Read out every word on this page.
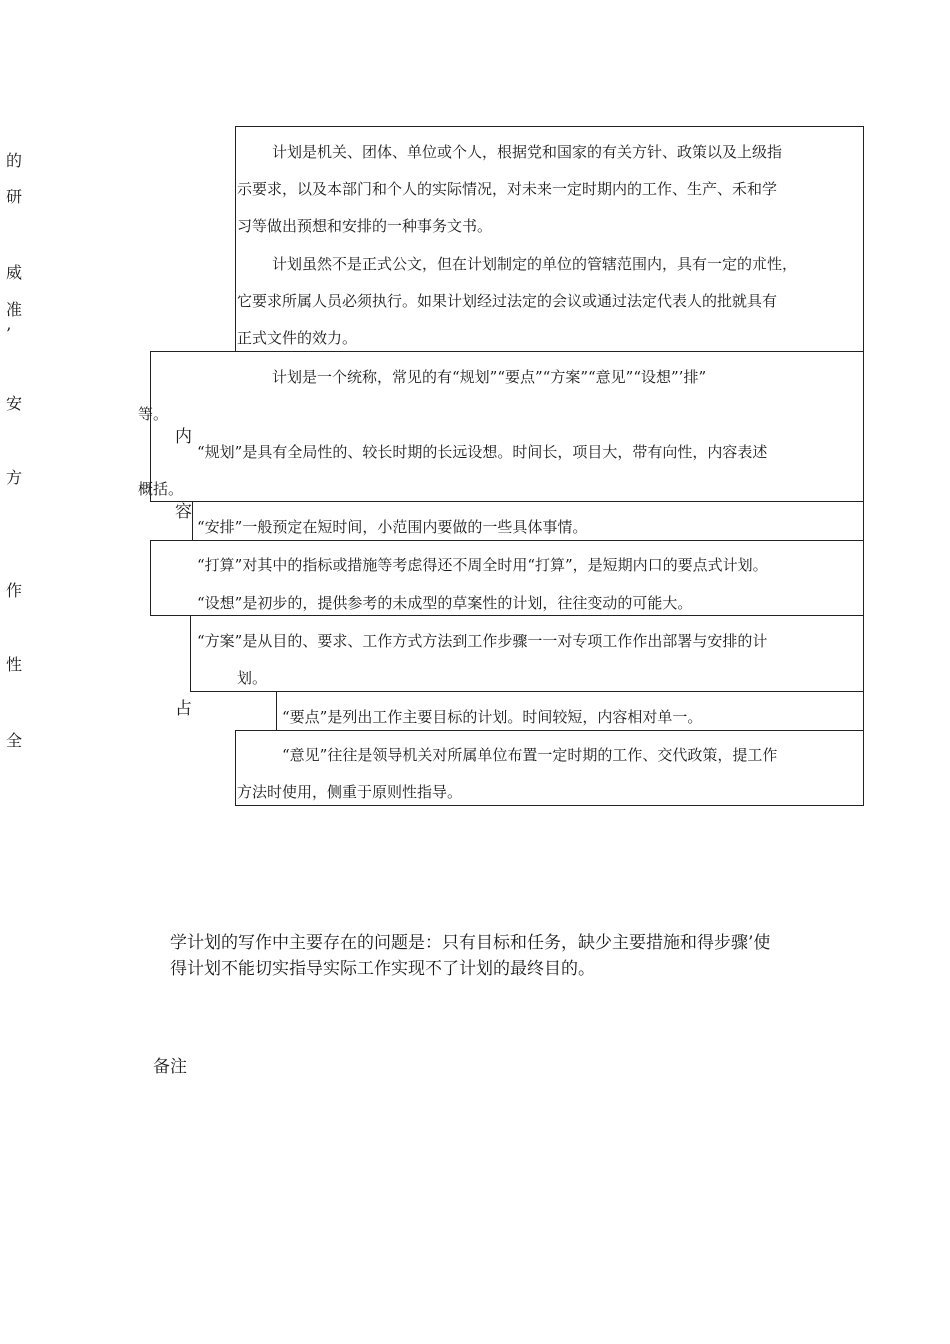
的
研
威
准
’
安
方
作
性
全
计划是机关、团体、单位或个人，根据党和国家的有关方针、政策以及上级指
示要求，以及本部门和个人的实际情况，对未来一定时期内的工作、生产、禾和学
习等做出预想和安排的一种事务文书。
计划虽然不是正式公文，但在计划制定的单位的管辖范围内，具有一定的朮性，
它要求所属人员必须执行。如果计划经过法定的会议或通过法定代表人的批就具有
正式文件的效力。
计划是一个统称，常见的有“规划”“要点”“方案”“意见”“设想”’排”
等。
“规划”是具有全局性的、较长时期的长远设想。时间长，项目大，带有向性，内容表述
概括。
内
容
占
“安排”一般预定在短时间，小范围内要做的一些具体事情。
“打算”对其中的指标或措施等考虑得还不周全时用“打算”，是短期内口的要点式计划。
“设想”是初步的，提供参考的未成型的草案性的计划，往往变动的可能大。
“方案”是从目的、要求、工作方式方法到工作步骤一一对专项工作作出部署与安排的计
划。
“要点”是列出工作主要目标的计划。时间较短，内容相对单一。
“意见”往往是领导机关对所属单位布置一定时期的工作、交代政策，提工作
方法时使用，侧重于原则性指导。
学计划的写作中主要存在的问题是：只有目标和任务，缺少主要措施和得步骤’使
得计划不能切实指导实际工作实现不了计划的最终目的。
备注
